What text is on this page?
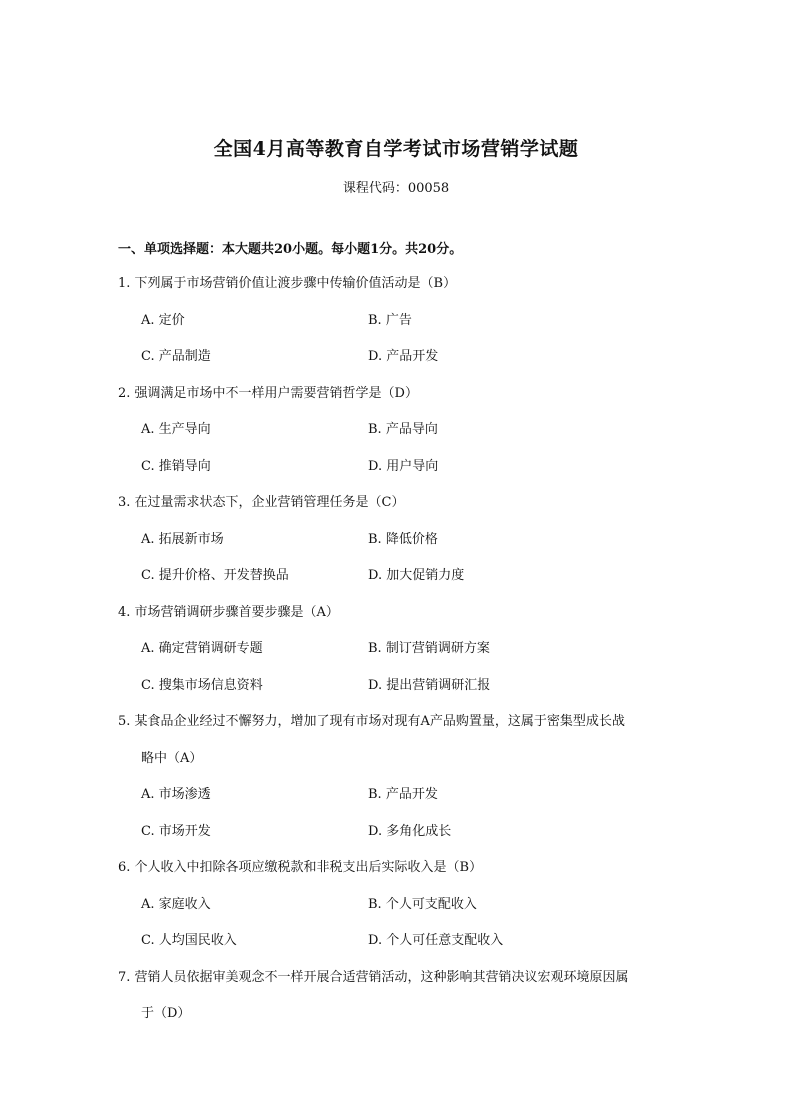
全国4月高等教育自学考试市场营销学试题
课程代码：00058
一、单项选择题：本大题共20小题。每小题1分。共20分。
1. 下列属于市场营销价值让渡步骤中传输价值活动是（B）
A. 定价	B. 广告
C. 产品制造	D. 产品开发
2. 强调满足市场中不一样用户需要营销哲学是（D）
A. 生产导向	B. 产品导向
C. 推销导向	D. 用户导向
3. 在过量需求状态下，企业营销管理任务是（C）
A. 拓展新市场	B. 降低价格
C. 提升价格、开发替换品	D. 加大促销力度
4. 市场营销调研步骤首要步骤是（A）
A. 确定营销调研专题	B. 制订营销调研方案
C. 搜集市场信息资料	D. 提出营销调研汇报
5. 某食品企业经过不懈努力，增加了现有市场对现有A产品购置量，这属于密集型成长战
略中（A）
A. 市场渗透	B. 产品开发
C. 市场开发	D. 多角化成长
6. 个人收入中扣除各项应缴税款和非税支出后实际收入是（B）
A. 家庭收入	B. 个人可支配收入
C. 人均国民收入	D. 个人可任意支配收入
7. 营销人员依据审美观念不一样开展合适营销活动，这种影响其营销决议宏观环境原因属
于（D）
